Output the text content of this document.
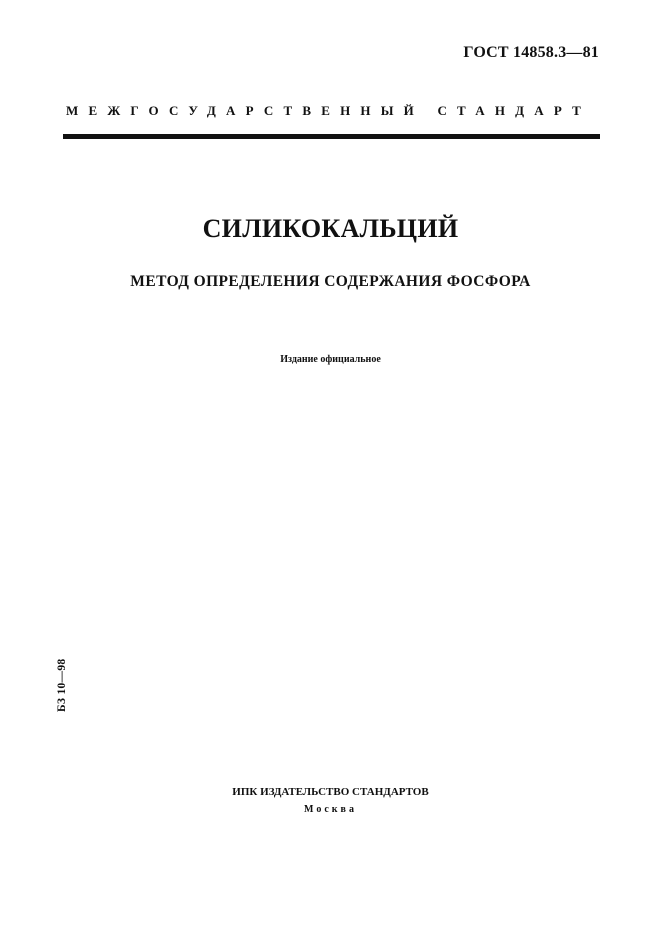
ГОСТ 14858.3—81
МЕЖГОСУДАРСТВЕННЫЙ СТАНДАРТ
СИЛИКОКАЛЬЦИЙ
МЕТОД ОПРЕДЕЛЕНИЯ СОДЕРЖАНИЯ ФОСФОРА
Издание официальное
БЗ 10—98
ИПК ИЗДАТЕЛЬСТВО СТАНДАРТОВ
Москва
